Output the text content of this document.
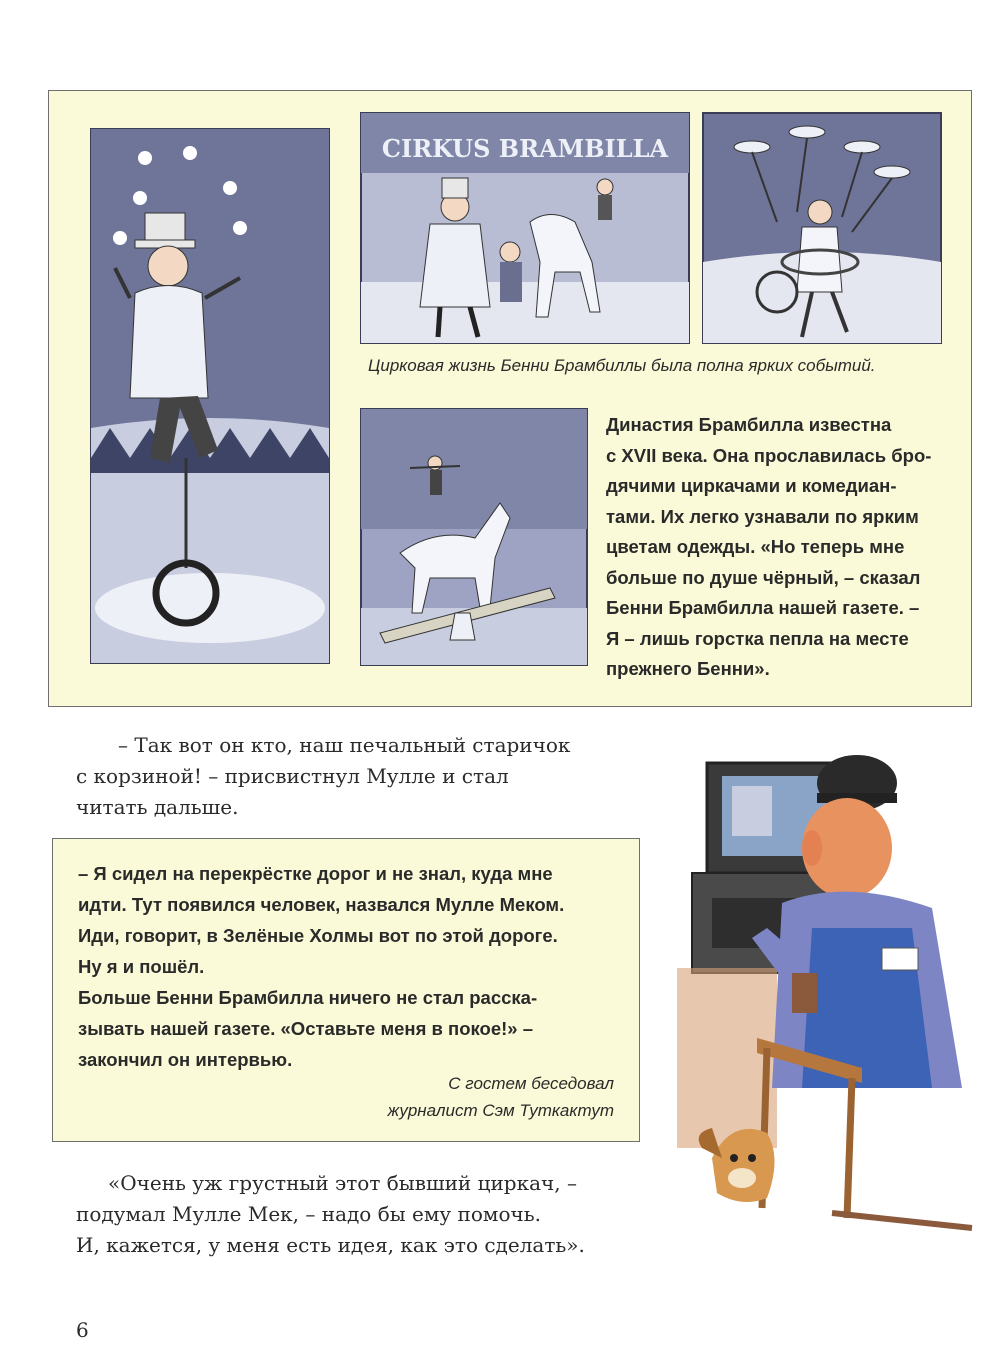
CIRKUS BRAMBILLA
Цирковая жизнь Бенни Брамбиллы была полна ярких событий.
Династия Брамбилла известна
с XVII века. Она прославилась бро-
дячими циркачами и комедиан-
тами. Их легко узнавали по ярким
цветам одежды. «Но теперь мне
больше по душе чёрный, – сказал
Бенни Брамбилла нашей газете. –
Я – лишь горстка пепла на месте
прежнего Бенни».
– Так вот он кто, наш печальный старичок
с корзиной! – присвистнул Мулле и стал
читать дальше.
– Я сидел на перекрёстке дорог и не знал, куда мне
идти. Тут появился человек, назвался Мулле Меком.
Иди, говорит, в Зелёные Холмы вот по этой дороге.
Ну я и пошёл.
Больше Бенни Брамбилла ничего не стал расска-
зывать нашей газете. «Оставьте меня в покое!» –
закончил он интервью.
С гостем беседовал
журналист Сэм Туткактут
«Очень уж грустный этот бывший циркач, –
подумал Мулле Мек, – надо бы ему помочь.
И, кажется, у меня есть идея, как это сделать».
6
